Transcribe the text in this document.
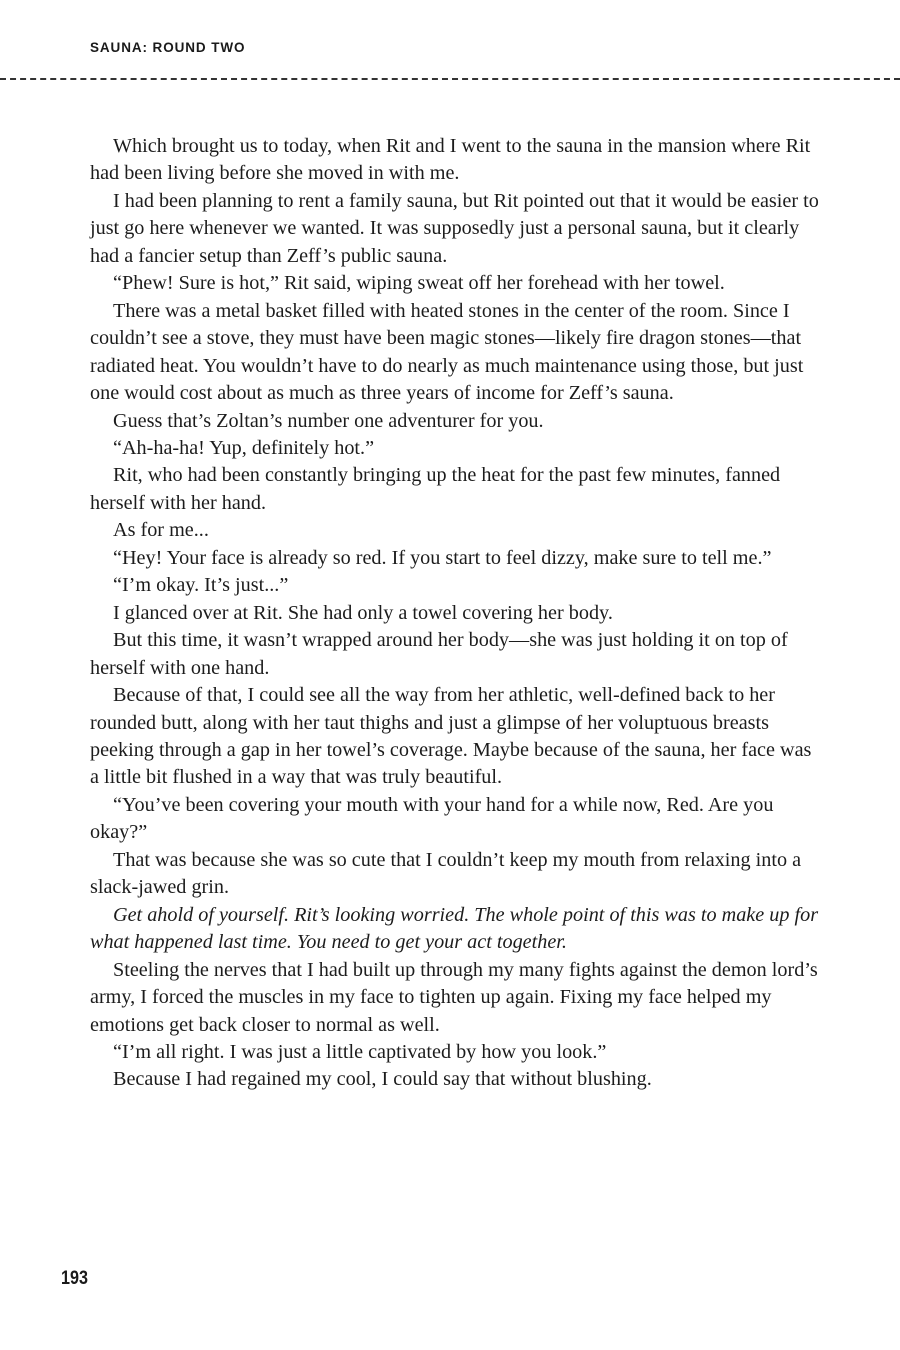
SAUNA: ROUND TWO

Which brought us to today, when Rit and I went to the sauna in the mansion where Rit had been living before she moved in with me.

I had been planning to rent a family sauna, but Rit pointed out that it would be easier to just go here whenever we wanted. It was supposedly just a personal sauna, but it clearly had a fancier setup than Zeff’s public sauna.

“Phew! Sure is hot,” Rit said, wiping sweat off her forehead with her towel.

There was a metal basket filled with heated stones in the center of the room. Since I couldn’t see a stove, they must have been magic stones—likely fire dragon stones—that radiated heat. You wouldn’t have to do nearly as much maintenance using those, but just one would cost about as much as three years of income for Zeff’s sauna.

Guess that’s Zoltan’s number one adventurer for you.

“Ah-ha-ha! Yup, definitely hot.”

Rit, who had been constantly bringing up the heat for the past few minutes, fanned herself with her hand.

As for me...

“Hey! Your face is already so red. If you start to feel dizzy, make sure to tell me.”

“I’m okay. It’s just...”

I glanced over at Rit. She had only a towel covering her body.

But this time, it wasn’t wrapped around her body—she was just holding it on top of herself with one hand.

Because of that, I could see all the way from her athletic, well-defined back to her rounded butt, along with her taut thighs and just a glimpse of her voluptuous breasts peeking through a gap in her towel’s coverage. Maybe because of the sauna, her face was a little bit flushed in a way that was truly beautiful.

“You’ve been covering your mouth with your hand for a while now, Red. Are you okay?”

That was because she was so cute that I couldn’t keep my mouth from relaxing into a slack-jawed grin.

Get ahold of yourself. Rit’s looking worried. The whole point of this was to make up for what happened last time. You need to get your act together.

Steeling the nerves that I had built up through my many fights against the demon lord’s army, I forced the muscles in my face to tighten up again. Fixing my face helped my emotions get back closer to normal as well.

“I’m all right. I was just a little captivated by how you look.”

Because I had regained my cool, I could say that without blushing.

193
